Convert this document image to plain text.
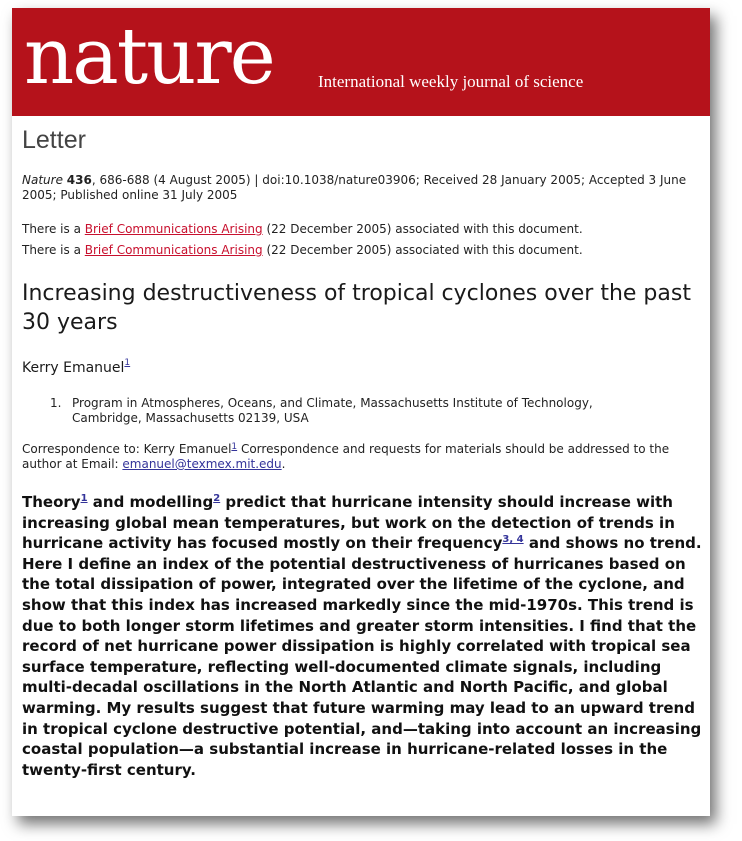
nature	International weekly journal of science
Letter
Nature 436, 686-688 (4 August 2005) | doi:10.1038/nature03906; Received 28 January 2005; Accepted 3 June 2005; Published online 31 July 2005
There is a Brief Communications Arising (22 December 2005) associated with this document.
There is a Brief Communications Arising (22 December 2005) associated with this document.
Increasing destructiveness of tropical cyclones over the past 30 years
Kerry Emanuel$^1$
1. Program in Atmospheres, Oceans, and Climate, Massachusetts Institute of Technology, Cambridge, Massachusetts 02139, USA
Correspondence to: Kerry Emanuel$^1$ Correspondence and requests for materials should be addressed to the author at Email: emanuel@texmex.mit.edu.
Theory$^1$ and modelling$^2$ predict that hurricane intensity should increase with increasing global mean temperatures, but work on the detection of trends in hurricane activity has focused mostly on their frequency$^{3, 4}$ and shows no trend. Here I define an index of the potential destructiveness of hurricanes based on the total dissipation of power, integrated over the lifetime of the cyclone, and show that this index has increased markedly since the mid-1970s. This trend is due to both longer storm lifetimes and greater storm intensities. I find that the record of net hurricane power dissipation is highly correlated with tropical sea surface temperature, reflecting well-documented climate signals, including multi-decadal oscillations in the North Atlantic and North Pacific, and global warming. My results suggest that future warming may lead to an upward trend in tropical cyclone destructive potential, and—taking into account an increasing coastal population—a substantial increase in hurricane-related losses in the twenty-first century.
